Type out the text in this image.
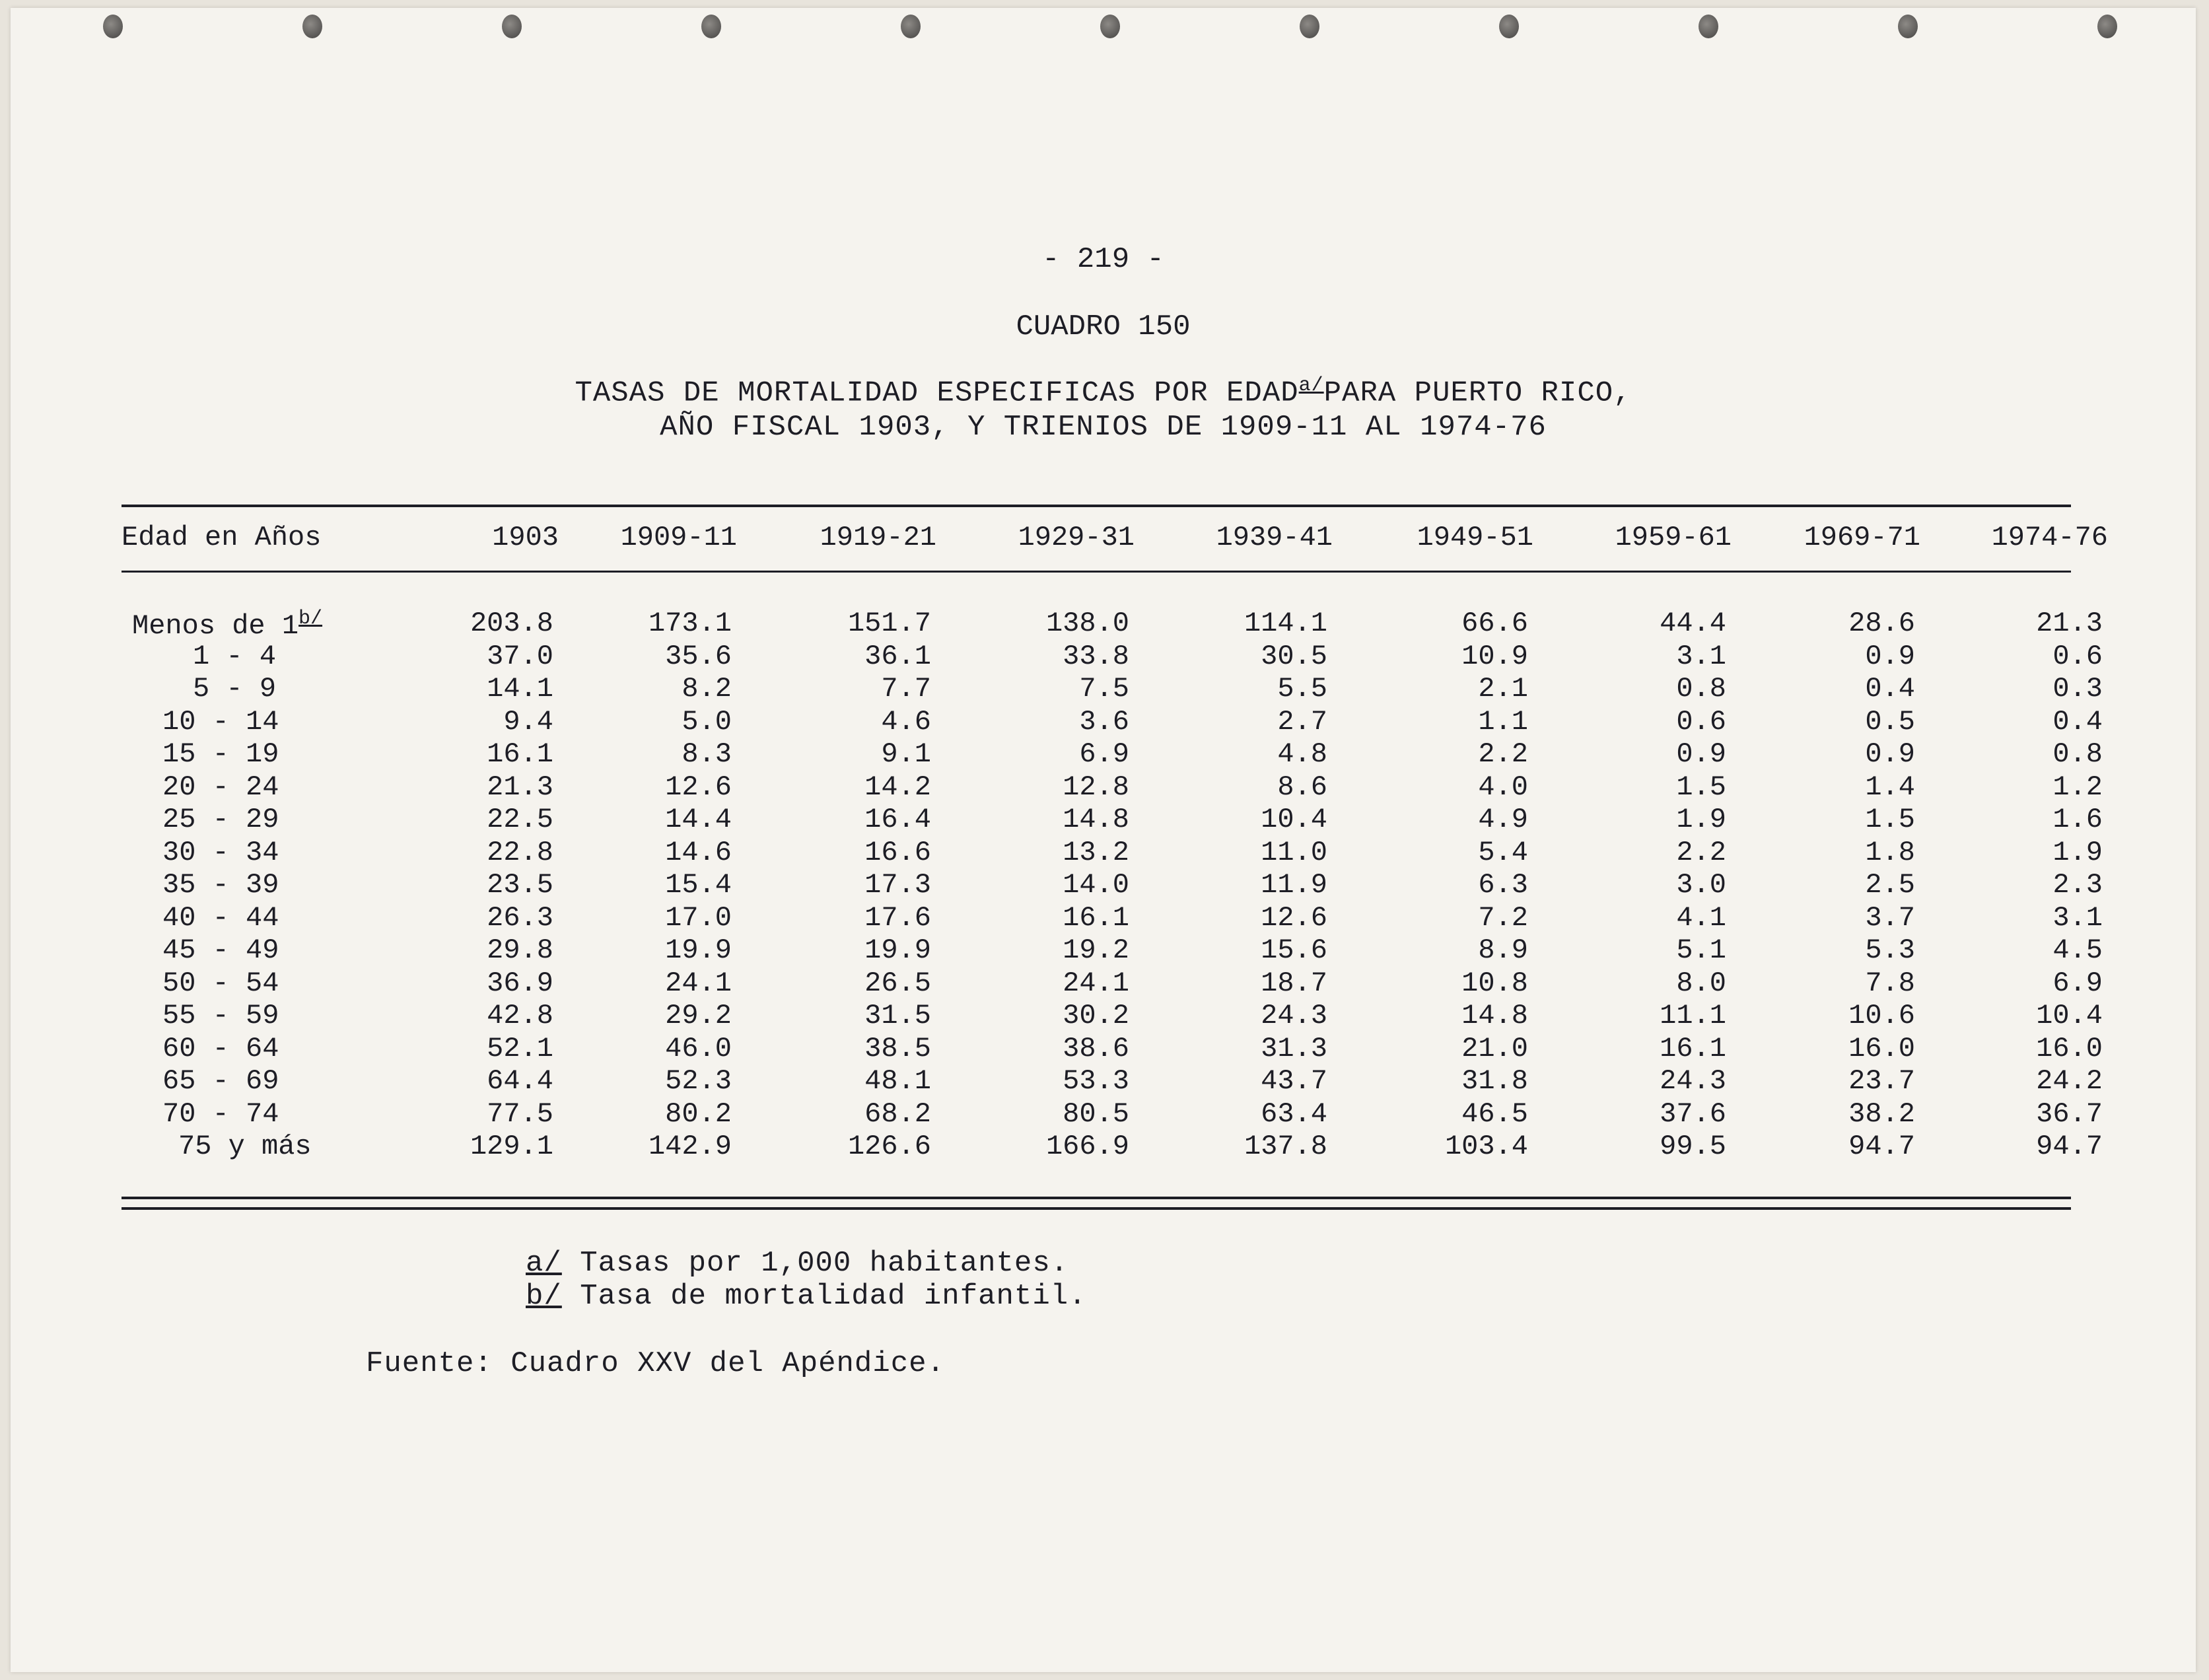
- 219 -
CUADRO 150
TASAS DE MORTALIDAD ESPECIFICAS POR $EDAD^{a/}PARA$ PUERTO RICO,
AÑO FISCAL 1903, Y TRIENIOS DE 1909-11 AL 1974-76
Edad en Años	1903	1909-11	1919-21	1929-31	1939-41	1949-51	1959-61	1969-71	1974-76
Menos de $1^{b/}$	203.8	173.1	151.7	138.0	114.1	66.6	44.4	28.6	21.3
1 - 4	37.0	35.6	36.1	33.8	30.5	10.9	3.1	0.9	0.6
5 - 9	14.1	8.2	7.7	7.5	5.5	2.1	0.8	0.4	0.3
10 - 14	9.4	5.0	4.6	3.6	2.7	1.1	0.6	0.5	0.4
15 - 19	16.1	8.3	9.1	6.9	4.8	2.2	0.9	0.9	0.8
20 - 24	21.3	12.6	14.2	12.8	8.6	4.0	1.5	1.4	1.2
25 - 29	22.5	14.4	16.4	14.8	10.4	4.9	1.9	1.5	1.6
30 - 34	22.8	14.6	16.6	13.2	11.0	5.4	2.2	1.8	1.9
35 - 39	23.5	15.4	17.3	14.0	11.9	6.3	3.0	2.5	2.3
40 - 44	26.3	17.0	17.6	16.1	12.6	7.2	4.1	3.7	3.1
45 - 49	29.8	19.9	19.9	19.2	15.6	8.9	5.1	5.3	4.5
50 - 54	36.9	24.1	26.5	24.1	18.7	10.8	8.0	7.8	6.9
55 - 59	42.8	29.2	31.5	30.2	24.3	14.8	11.1	10.6	10.4
60 - 64	52.1	46.0	38.5	38.6	31.3	21.0	16.1	16.0	16.0
65 - 69	64.4	52.3	48.1	53.3	43.7	31.8	24.3	23.7	24.2
70 - 74	77.5	80.2	68.2	80.5	63.4	46.5	37.6	38.2	36.7
75 y más	129.1	142.9	126.6	166.9	137.8	103.4	99.5	94.7	94.7
a/ Tasas por 1,000 habitantes.
b/ Tasa de mortalidad infantil.
Fuente: Cuadro XXV del Apéndice.
